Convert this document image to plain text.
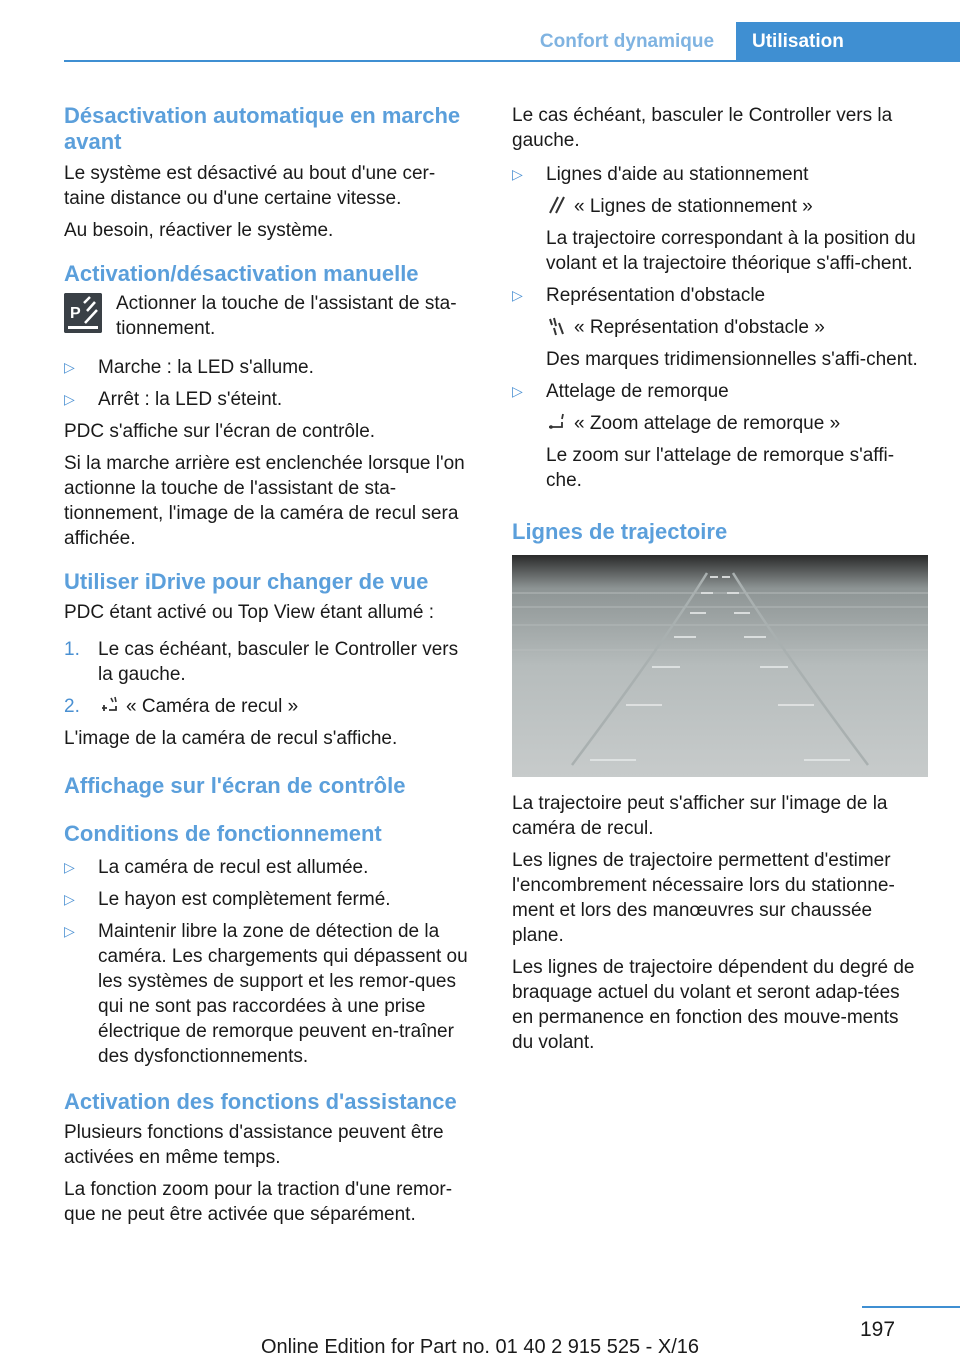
Confort dynamique	Utilisation
Désactivation automatique en marche avant

Le système est désactivé au bout d'une cer-taine distance ou d'une certaine vitesse.

Au besoin, réactiver le système.

Activation/désactivation manuelle
P Actionner la touche de l'assistant de sta-tionnement.
▷	Marche : la LED s'allume.
▷	Arrêt : la LED s'éteint.

PDC s'affiche sur l'écran de contrôle.

Si la marche arrière est enclenchée lorsque l'on actionne la touche de l'assistant de sta-tionnement, l'image de la caméra de recul sera affichée.

Utiliser iDrive pour changer de vue

PDC étant activé ou Top View étant allumé :

1. Le cas échéant, basculer le Controller vers la gauche.
2.	« Caméra de recul »

L'image de la caméra de recul s'affiche.

Affichage sur l'écran de contrôle
Conditions de fonctionnement
▷	La caméra de recul est allumée.
▷	Le hayon est complètement fermé.
▷	Maintenir libre la zone de détection de la caméra. Les chargements qui dépassent ou les systèmes de support et les remor-ques qui ne sont pas raccordées à une prise électrique de remorque peuvent en-traîner des dysfonctionnements.
Activation des fonctions d'assistance

Plusieurs fonctions d'assistance peuvent être activées en même temps.

La fonction zoom pour la traction d'une remor-que ne peut être activée que séparément.

Le cas échéant, basculer le Controller vers la gauche.

▷	Lignes d'aide au stationnement
« Lignes de stationnement »
La trajectoire correspondant à la position du volant et la trajectoire théorique s'affi-chent.
▷	Représentation d'obstacle
« Représentation d'obstacle »
Des marques tridimensionnelles s'affi-chent.
▷	Attelage de remorque
« Zoom attelage de remorque »
Le zoom sur l'attelage de remorque s'affi-che.
Lignes de trajectoire

La trajectoire peut s'afficher sur l'image de la caméra de recul.

Les lignes de trajectoire permettent d'estimer l'encombrement nécessaire lors du stationne-ment et lors des manœuvres sur chaussée plane.

Les lignes de trajectoire dépendent du degré de braquage actuel du volant et seront adap-tées en permanence en fonction des mouve-ments du volant.

197
Online Edition for Part no. 01 40 2 915 525 - X/16
